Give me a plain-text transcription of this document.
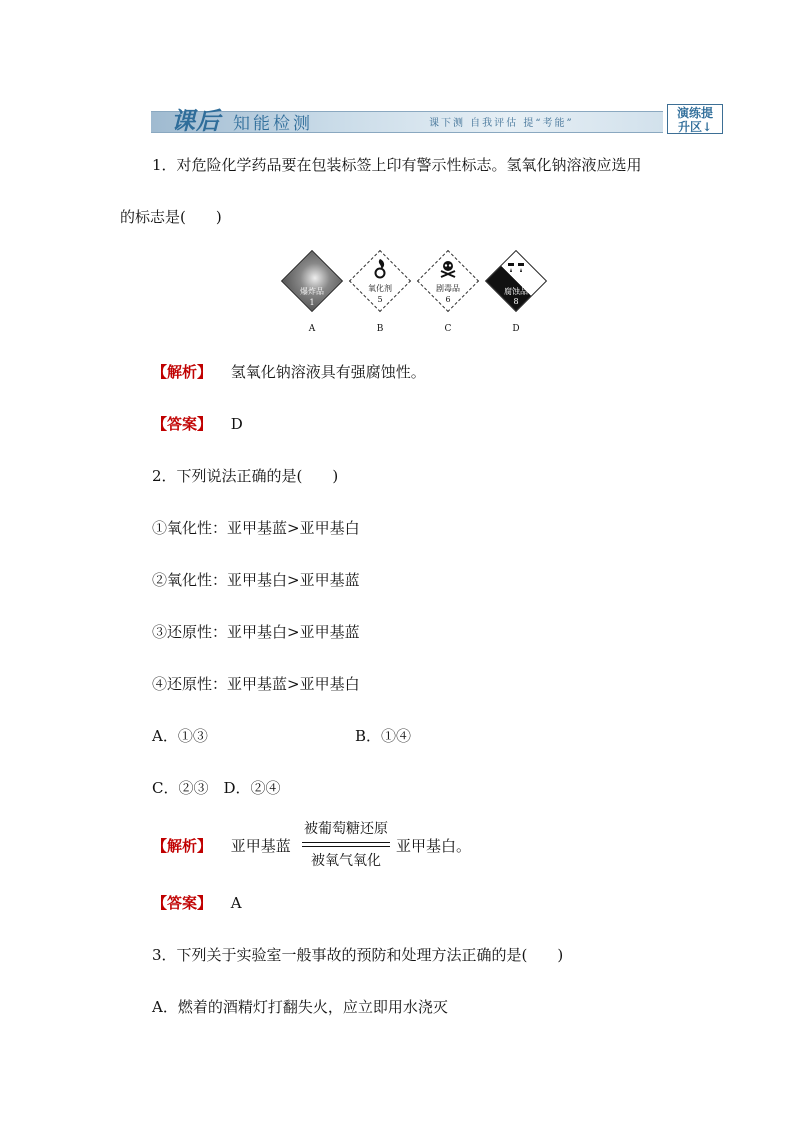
课后 知能检测	课下测 自我评估 提“考能”
演练提
升区↓
1．对危险化学药品要在包装标签上印有警示性标志。氢氧化钠溶液应选用
的标志是(　　)
爆炸品
1
A
氧化剂
5
B
剧毒品
6
C
腐蚀品
8
D
【解析】 氢氧化钠溶液具有强腐蚀性。
【答案】 D
2．下列说法正确的是(　　)
①氧化性：亚甲基蓝>亚甲基白
②氧化性：亚甲基白>亚甲基蓝
③还原性：亚甲基白>亚甲基蓝
④还原性：亚甲基蓝>亚甲基白
A．①③	B．①④
C．②③　D．②④
【解析】 亚甲基蓝
被葡萄糖还原
被氧气氧化
亚甲基白。
【答案】 A
3．下列关于实验室一般事故的预防和处理方法正确的是(　　)
A．燃着的酒精灯打翻失火，应立即用水浇灭
